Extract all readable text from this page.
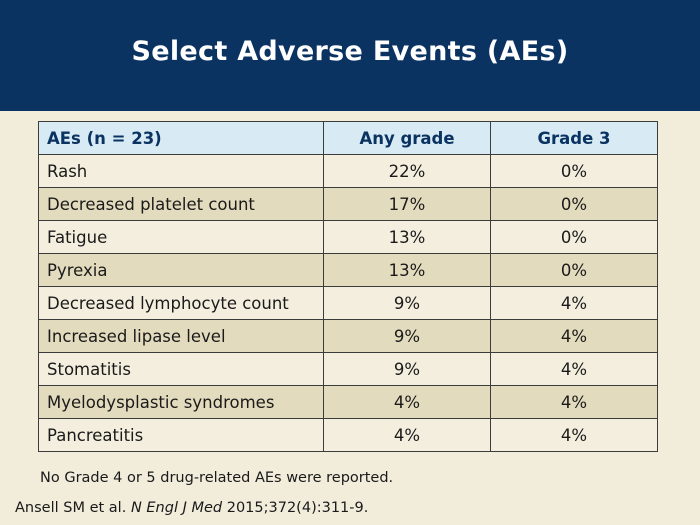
Select Adverse Events (AEs)
AEs (n = 23)	Any grade	Grade 3
Rash	22%	0%
Decreased platelet count	17%	0%
Fatigue	13%	0%
Pyrexia	13%	0%
Decreased lymphocyte count	9%	4%
Increased lipase level	9%	4%
Stomatitis	9%	4%
Myelodysplastic syndromes	4%	4%
Pancreatitis	4%	4%
No Grade 4 or 5 drug-related AEs were reported.
Ansell SM et al. N Engl J Med 2015;372(4):311-9.
